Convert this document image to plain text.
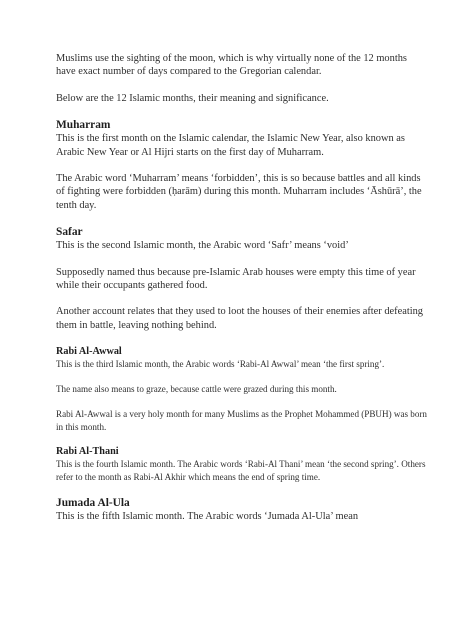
Muslims use the sighting of the moon, which is why virtually none of the 12 months have exact number of days compared to the Gregorian calendar.

Below are the 12 Islamic months, their meaning and significance.

Muharram

This is the first month on the Islamic calendar, the Islamic New Year, also known as Arabic New Year or Al Hijri starts on the first day of Muharram.

The Arabic word ‘Muharram’ means ‘forbidden’, this is so because battles and all kinds of fighting were forbidden (ḥarām) during this month. Muharram includes ‘Āshūrā’, the tenth day.

Safar

This is the second Islamic month, the Arabic word ‘Safr’ means ‘void’

Supposedly named thus because pre-Islamic Arab houses were empty this time of year while their occupants gathered food.

Another account relates that they used to loot the houses of their enemies after defeating them in battle, leaving nothing behind.

Rabi Al-Awwal

This is the third Islamic month, the Arabic words ‘Rabi-Al Awwal’ mean ‘the first spring’.

The name also means to graze, because cattle were grazed during this month.

Rabi Al-Awwal is a very holy month for many Muslims as the Prophet Mohammed (PBUH) was born in this month.

Rabi Al-Thani

This is the fourth Islamic month. The Arabic words ‘Rabi-Al Thani’ mean ‘the second spring’. Others refer to the month as Rabi-Al Akhir which means the end of spring time.

Jumada Al-Ula

This is the fifth Islamic month. The Arabic words ‘Jumada Al-Ula’ mean
